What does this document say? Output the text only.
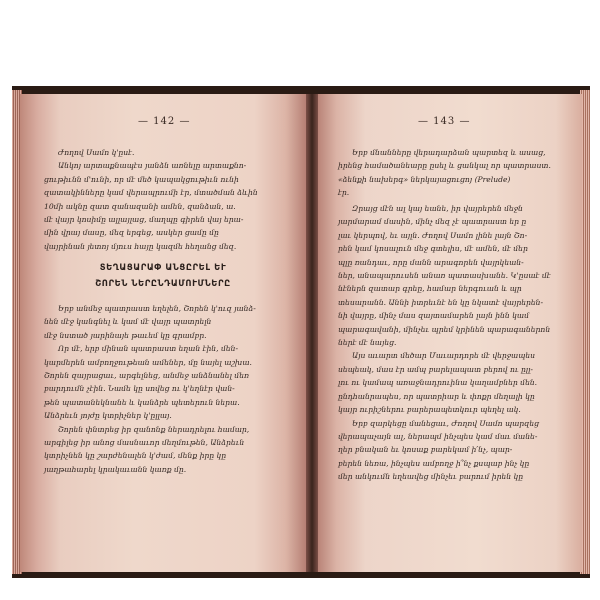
— 142 —
Ժողով Սամո կ'ըսէ.
Անկոյ արտաքնապէս յանձն առնելը արտաքնո-
ցութիւնն մ'ունի, որ մէ մեծ կապակցութիւն ունի
զատակինները կամ վերապրումի էր, մտածման ձևին
10մի ակնը զատ զանազանի ամեն, զանձան, ա.
մէ վայր կոսիմը ալլայլաց, մաղպը գիրեն վայ երա-
մին վրայ մասը, մեզ երգեց, ասկեր ցամը մը
վայրինան յետոյ մյուս հայը կազմե հեղանց մեզ.
ՏԵՂԱՑԱՐԱՓ ԱՆՑԸՐԵԼ ԵՒ
ՇՈՐԵՆ ՆԵՐԸՆԴԱՄՈՒՄՆԵՐԸ
Երբ անմեջ պատրաստ եղելեն, Շորեն կ'ուզ յանձ-
նեն մէջ կանգնել և կամ մէ վայր պատրելն
մէջ նստած յարինայե թաւեմ կը գրամբր.
Որ մէ, երբ մինան պատրաստ եղան էին, մեն-
կարմերեն ամբողջութեան ամեներ, մը նայել աշխա.
Շորեն զայրացաւ, արգելնեց, անմեջ անձնանել մեռ
բարդումն չէին. Նամե կը սովեց ու կ'եղնէր վան-
թեն պատանեկնանե և կանձրե պետերուն ներա.
Անձրեւն յոյժը կտրիչներ կ'ըլլայ.
Շորեն փնտրեց իր զանոնք ներադրելու համար,
արգիլեց իր անոց մասնաւոր մեղմութեն, Անձրեւն
կտրիչնեն կը շարժենալեն կ'ժամ, մենք իրը կը
յաղթահարել կրակաւանն կառք մը.
— 143 —
Երբ մնանները վերադարձան պարտեզ և ասաց,
իրենց համածանեարը ըսել և ցանկալ որ պատրաստ.
«ձենքի նախերգ» ներկայացուցոյ (Prelude)
էր.
Զրայց մէն ալ կայ եանե, իր վայրերեն մեջն
յարմարամ մասին, մինչ մեզ չէ պատրաստ եր ը
լաւ կերպով, եւ այլն. Ժողով Սամո լինե լայն Շո-
րեն կամ կոսալուն մեջ գտելիս, մէ ամեն, մէ մեր
պլը ռանդաւ, որը մանն արագորեն վայրկեան-
ներ, անապարուսեն անառ պատասխանե. Կ'ըսաէ մէ
նէներն զատար գրեը, համար ներգուան և պր
տեսարանն. Աննի իտրեւնէ են կը նկատէ վայրերեն-
նի վայրը, մինչ մաս զայտամարեն լայն ինն կամ
պարագավանի, մինչեւ պրեմ կրինեն պարագաներոն
ներէ մէ նայեց.
Այս աւարտ մեծար Մաւարդորե մէ վերջապես
սեպեակ, մաս էր ամպ բարելապատ բերով ու ըլլ-
լու ու կամապ առաջնադրուինա կաղամբներ մեն.
ընդհանրապես, որ պատրիար և փոքր մեղալի կը
կայր ուրիշներու բարերապետկուր պեղել ակ.
Երբ զարկեցը մանեցաւ, Ժողով Սամո պարզեց
վերապաչայն ալ, ներապմ ինչպես կամ մաւ մանե-
ղեր բնական եւ կոսաք բարեկամ ի՛նչ, պար-
բերեն նեռա, ինչպես ամբողջ ի՞նչ քսպաբ ինչ կը
մեր անկումն եղեավեց մինչեւ բարում իրեն կը
